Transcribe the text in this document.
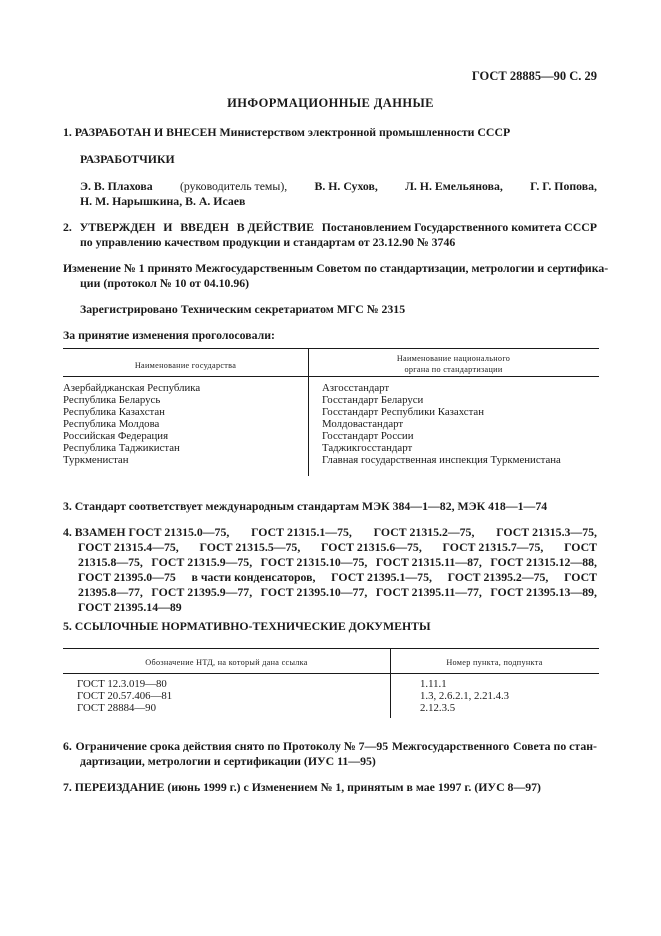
ГОСТ 28885—90 С. 29
ИНФОРМАЦИОННЫЕ ДАННЫЕ
1. РАЗРАБОТАН И ВНЕСЕН Министерством электронной промышленности СССР
РАЗРАБОТЧИКИ
Э. В. Плахова (руководитель темы), В. Н. Сухов, Л. Н. Емельянова, Г. Г. Попова,
Н. М. Нарышкина, В. А. Исаев
2. УТВЕРЖДЕН И ВВЕДЕН В ДЕЙСТВИЕ Постановлением Государственного комитета СССР
по управлению качеством продукции и стандартам от 23.12.90 № 3746
Изменение № 1 принято Межгосударственным Советом по стандартизации, метрологии и сертифика-
ции (протокол № 10 от 04.10.96)
Зарегистрировано Техническим секретариатом МГС № 2315
За принятие изменения проголосовали:
Наименование государства
Наименование национального
органа по стандартизации
Азербайджанская Республика
Республика Беларусь
Республика Казахстан
Республика Молдова
Российская Федерация
Республика Таджикистан
Туркменистан
Азгосстандарт
Госстандарт Беларуси
Госстандарт Республики Казахстан
Молдовастандарт
Госстандарт России
Таджикгосстандарт
Главная государственная инспекция Туркменистана
3. Стандарт соответствует международным стандартам МЭК 384—1—82, МЭК 418—1—74
4. ВЗАМЕН ГОСТ 21315.0—75, ГОСТ 21315.1—75, ГОСТ 21315.2—75, ГОСТ 21315.3—75,
ГОСТ 21315.4—75, ГОСТ 21315.5—75, ГОСТ 21315.6—75, ГОСТ 21315.7—75, ГОСТ
21315.8—75, ГОСТ 21315.9—75, ГОСТ 21315.10—75, ГОСТ 21315.11—87, ГОСТ 21315.12—88,
ГОСТ 21395.0—75 в части конденсаторов, ГОСТ 21395.1—75, ГОСТ 21395.2—75, ГОСТ
21395.8—77, ГОСТ 21395.9—77, ГОСТ 21395.10—77, ГОСТ 21395.11—77, ГОСТ 21395.13—89,
ГОСТ 21395.14—89
5. ССЫЛОЧНЫЕ НОРМАТИВНО-ТЕХНИЧЕСКИЕ ДОКУМЕНТЫ
Обозначение НТД, на который дана ссылка	Номер пункта, подпункта
ГОСТ 12.3.019—80
ГОСТ 20.57.406—81
ГОСТ 28884—90
1.11.1
1.3, 2.6.2.1, 2.21.4.3
2.12.3.5
6. Ограничение срока действия снято по Протоколу № 7—95 Межгосударственного Совета по стан-
дартизации, метрологии и сертификации (ИУС 11—95)
7. ПЕРЕИЗДАНИЕ (июнь 1999 г.) с Изменением № 1, принятым в мае 1997 г. (ИУС 8—97)
